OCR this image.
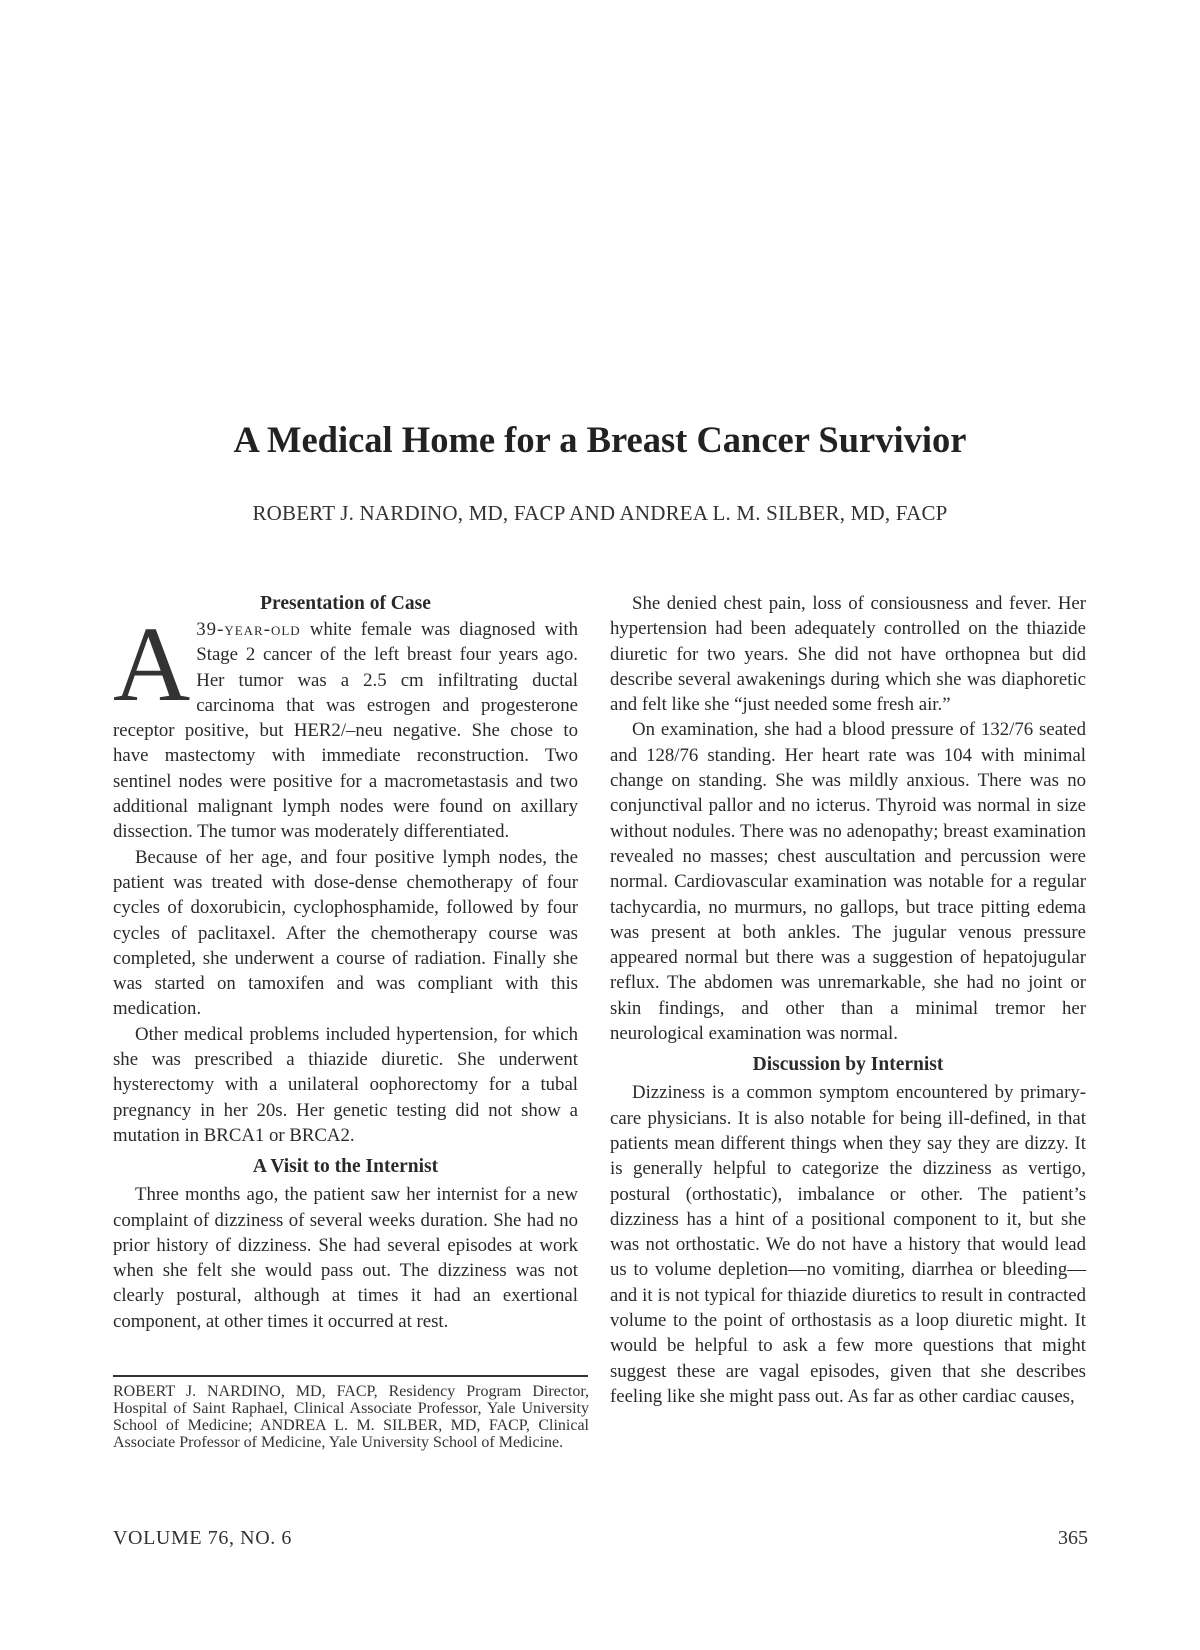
A Medical Home for a Breast Cancer Survivior
ROBERT J. NARDINO, MD, FACP AND ANDREA L. M. SILBER, MD, FACP
Presentation of Case

A 39-year-old white female was diagnosed with Stage 2 cancer of the left breast four years ago. Her tumor was a 2.5 cm infiltrating ductal carcinoma that was estrogen and progesterone receptor positive, but HER2/–neu negative. She chose to have mastectomy with immediate reconstruction. Two sentinel nodes were positive for a macrometastasis and two additional malignant lymph nodes were found on axillary dissection. The tumor was moderately differentiated.

Because of her age, and four positive lymph nodes, the patient was treated with dose-dense chemotherapy of four cycles of doxorubicin, cyclophosphamide, followed by four cycles of paclitaxel. After the chemotherapy course was completed, she underwent a course of radiation. Finally she was started on tamoxifen and was compliant with this medication.

Other medical problems included hypertension, for which she was prescribed a thiazide diuretic. She underwent hysterectomy with a unilateral oophorectomy for a tubal pregnancy in her 20s. Her genetic testing did not show a mutation in BRCA1 or BRCA2.

A Visit to the Internist

Three months ago, the patient saw her internist for a new complaint of dizziness of several weeks duration. She had no prior history of dizziness. She had several episodes at work when she felt she would pass out. The dizziness was not clearly postural, although at times it had an exertional component, at other times it occurred at rest.

ROBERT J. NARDINO, MD, FACP, Residency Program Director, Hospital of Saint Raphael, Clinical Associate Professor, Yale University School of Medicine; ANDREA L. M. SILBER, MD, FACP, Clinical Associate Professor of Medicine, Yale University School of Medicine.

She denied chest pain, loss of consiousness and fever. Her hypertension had been adequately controlled on the thiazide diuretic for two years. She did not have orthopnea but did describe several awakenings during which she was diaphoretic and felt like she “just needed some fresh air.”

On examination, she had a blood pressure of 132/76 seated and 128/76 standing. Her heart rate was 104 with minimal change on standing. She was mildly anxious. There was no conjunctival pallor and no icterus. Thyroid was normal in size without nodules. There was no adenopathy; breast examination revealed no masses; chest auscultation and percussion were normal. Cardiovascular examination was notable for a regular tachycardia, no murmurs, no gallops, but trace pitting edema was present at both ankles. The jugular venous pressure appeared normal but there was a suggestion of hepatojugular reflux. The abdomen was unremarkable, she had no joint or skin findings, and other than a minimal tremor her neurological examination was normal.

Discussion by Internist

Dizziness is a common symptom encountered by primary-care physicians. It is also notable for being ill-defined, in that patients mean different things when they say they are dizzy. It is generally helpful to categorize the dizziness as vertigo, postural (orthostatic), imbalance or other. The patient’s dizziness has a hint of a positional component to it, but she was not orthostatic. We do not have a history that would lead us to volume depletion—no vomiting, diarrhea or bleeding—and it is not typical for thiazide diuretics to result in contracted volume to the point of orthostasis as a loop diuretic might. It would be helpful to ask a few more questions that might suggest these are vagal episodes, given that she describes feeling like she might pass out. As far as other cardiac causes,

VOLUME 76, NO. 6	365
